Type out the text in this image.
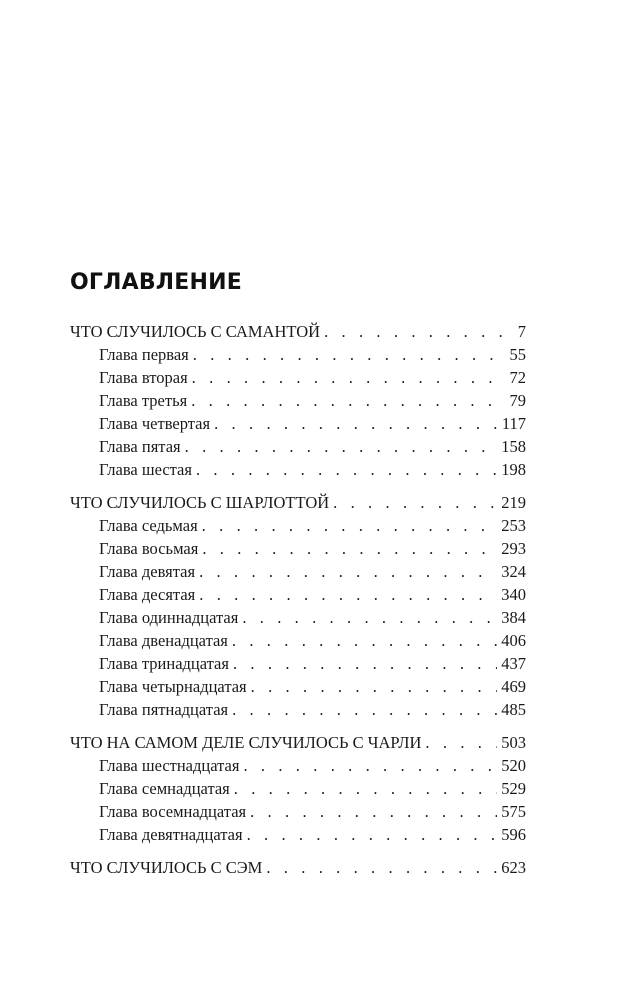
ОГЛАВЛЕНИЕ
ЧТО СЛУЧИЛОСЬ С САМАНТОЙ . . .	7
Глава первая . . .	55
Глава вторая . . .	72
Глава третья . . .	79
Глава четвертая . . .	117
Глава пятая . . .	158
Глава шестая . . .	198
ЧТО СЛУЧИЛОСЬ С ШАРЛОТТОЙ . . .	219
Глава седьмая . . .	253
Глава восьмая . . .	293
Глава девятая . . .	324
Глава десятая . . .	340
Глава одиннадцатая . . .	384
Глава двенадцатая . . .	406
Глава тринадцатая . . .	437
Глава четырнадцатая . . .	469
Глава пятнадцатая . . .	485
ЧТО НА САМОМ ДЕЛЕ СЛУЧИЛОСЬ С ЧАРЛИ . . .	503
Глава шестнадцатая . . .	520
Глава семнадцатая . . .	529
Глава восемнадцатая . . .	575
Глава девятнадцатая . . .	596
ЧТО СЛУЧИЛОСЬ С СЭМ . . .	623
